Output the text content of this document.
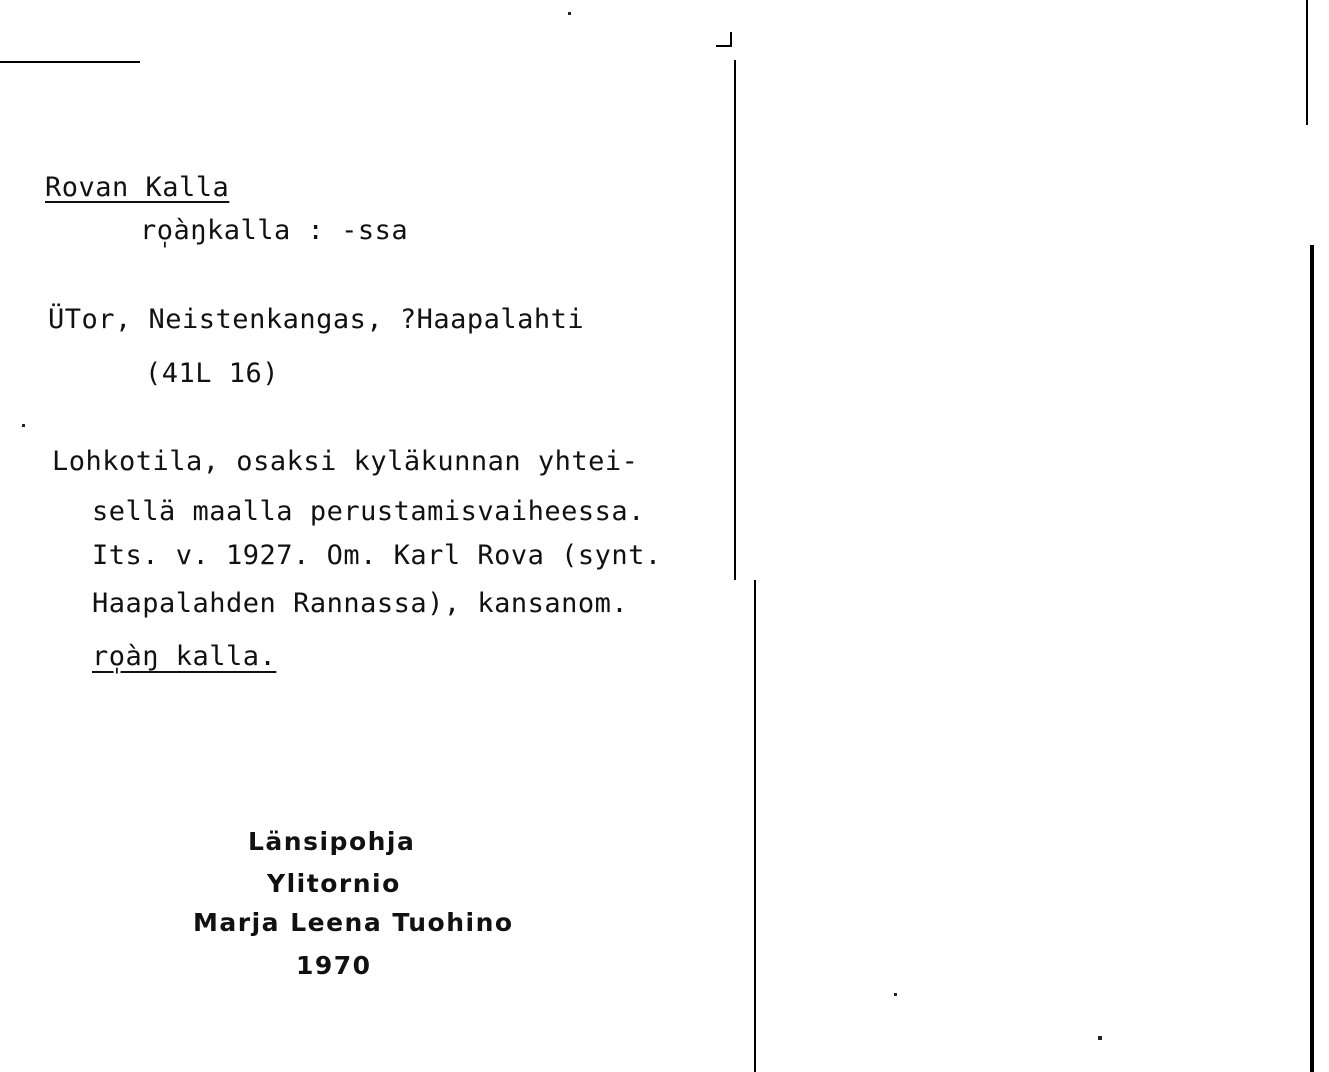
Rovan Kalla
ro̩àŋkalla : -ssa
ÜTor, Neistenkangas, ?Haapalahti
(41L 16)
Lohkotila, osaksi kyläkunnan yhtei-
sellä maalla perustamisvaiheessa.
Its. v. 1927. Om. Karl Rova (synt.
Haapalahden Rannassa), kansanom.
ro̩àŋ kalla.
Länsipohja
Ylitornio
Marja Leena Tuohino
1970
